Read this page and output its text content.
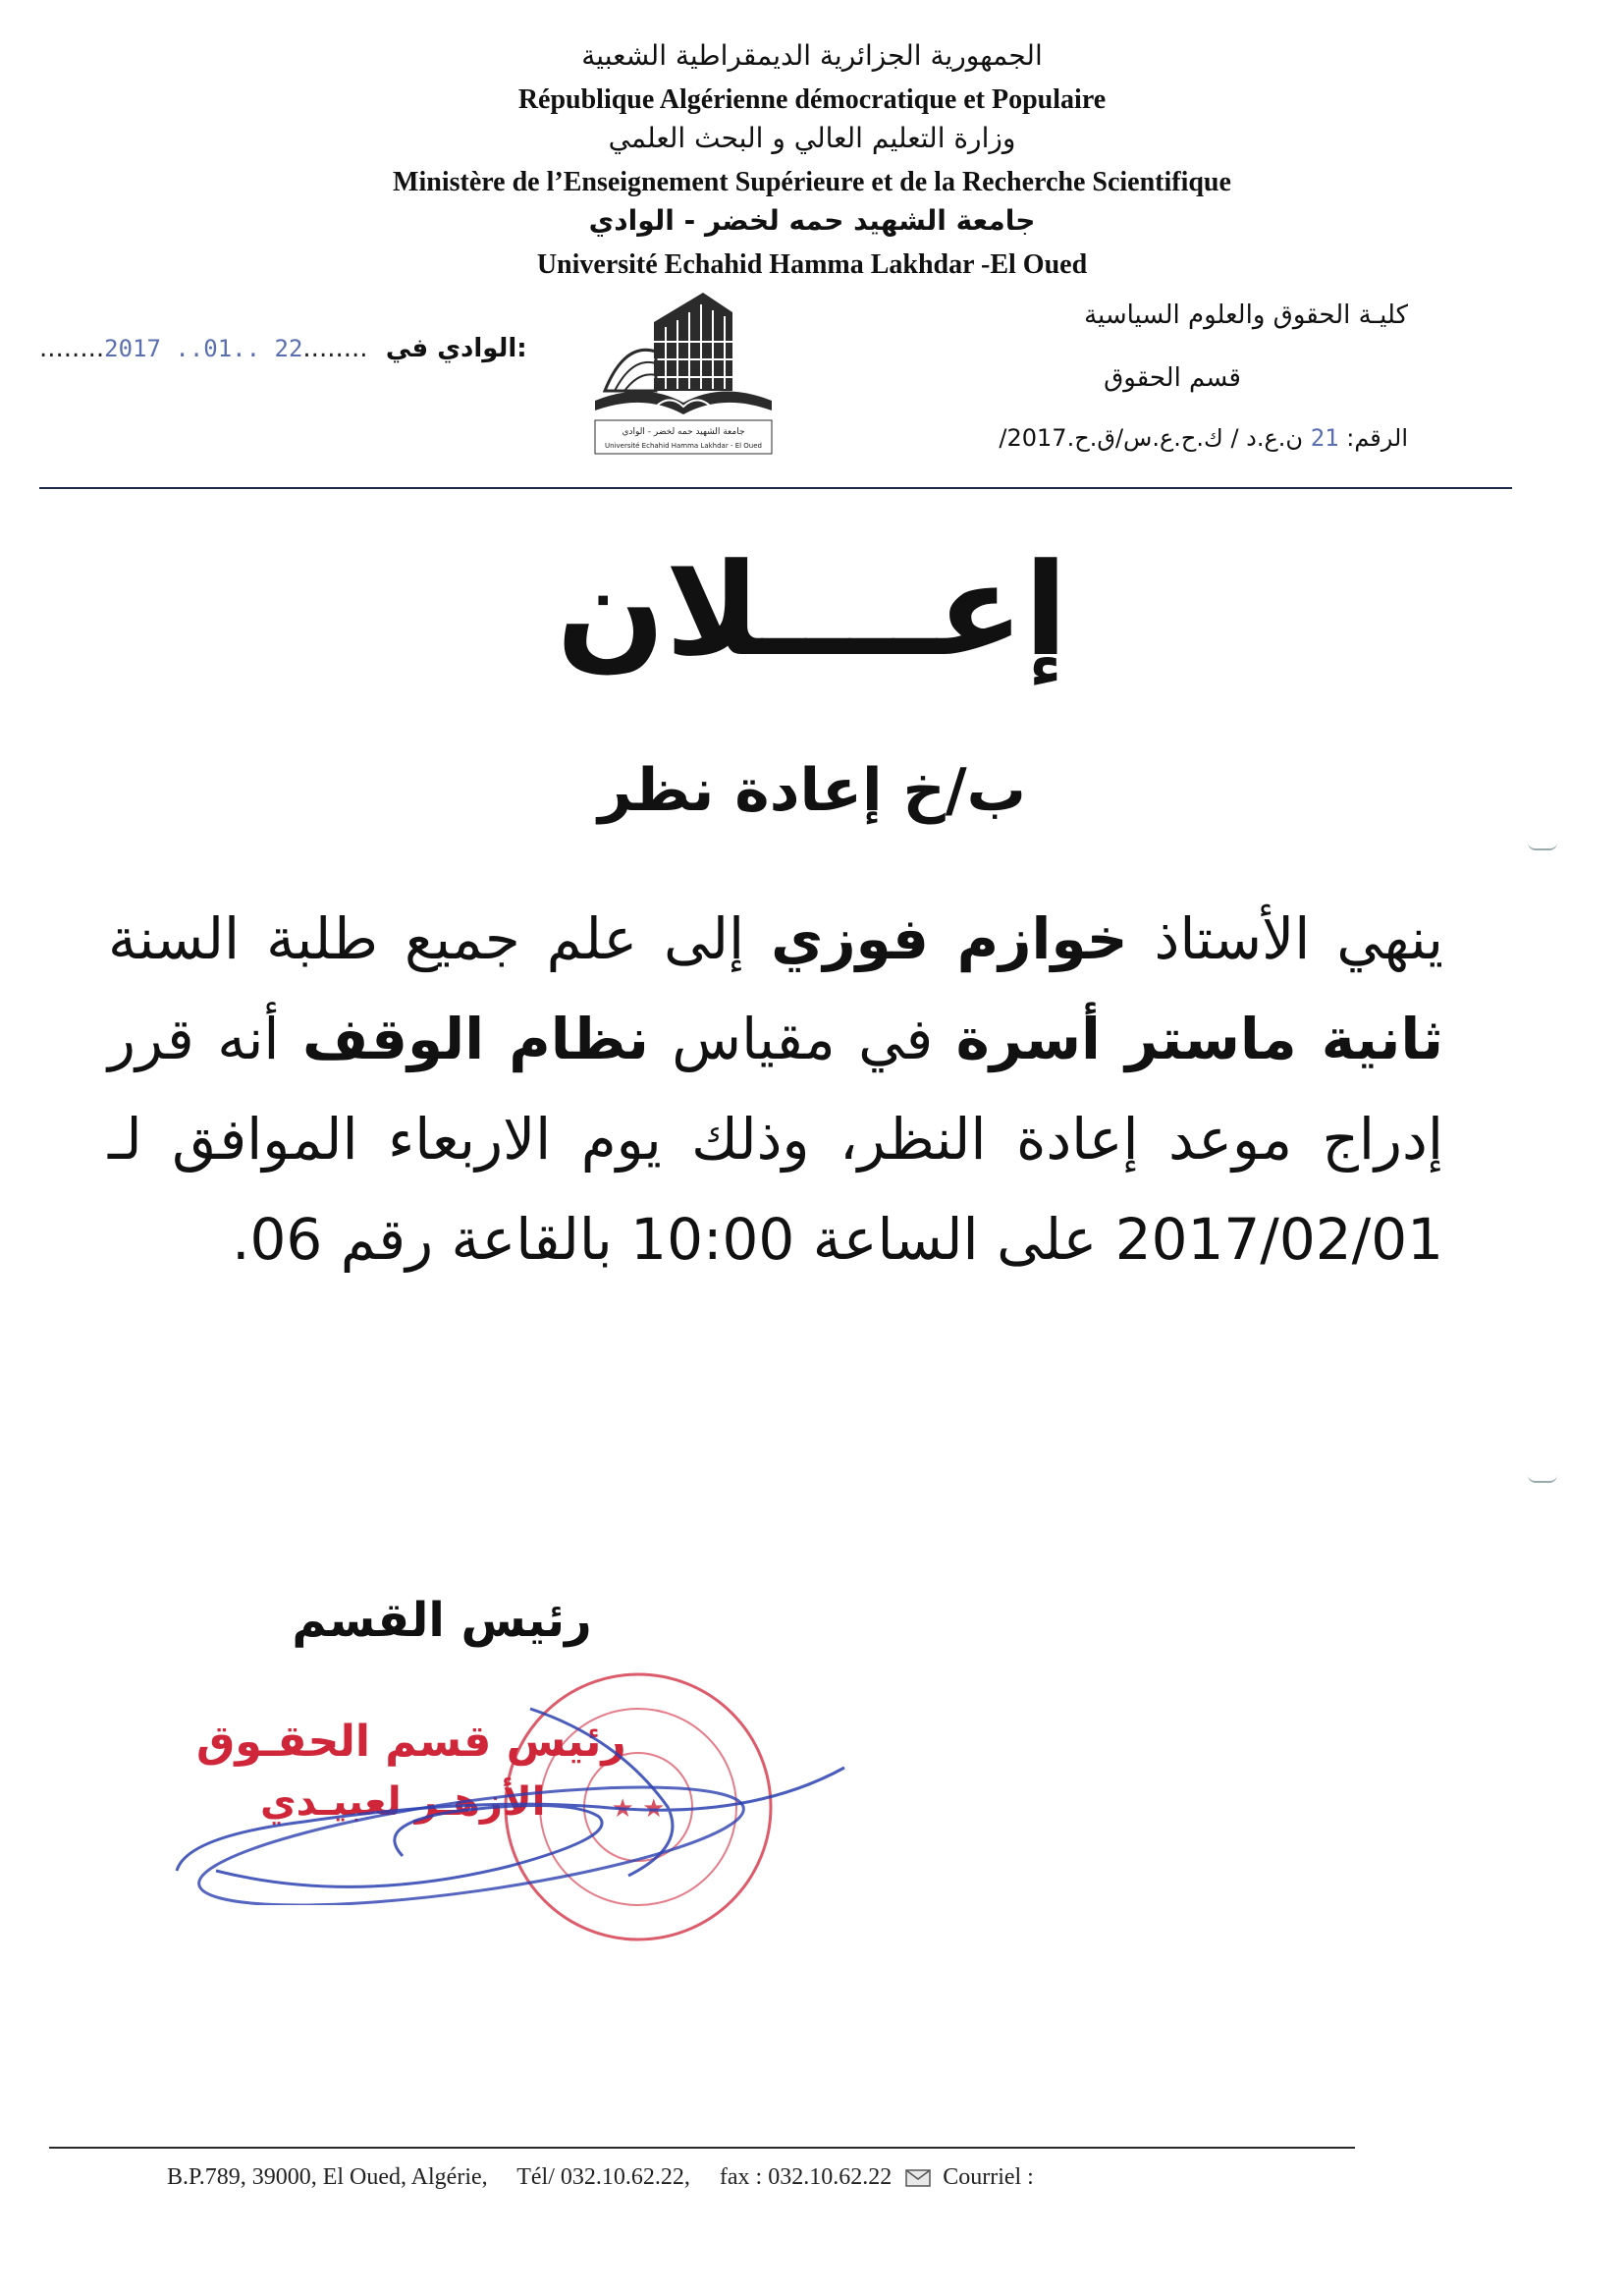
الجمهورية الجزائرية الديمقراطية الشعبية
République Algérienne démocratique et Populaire
وزارة التعليم العالي و البحث العلمي
Ministère de l’Enseignement Supérieure et de la Recherche Scientifique
جامعة الشهيد حمه لخضر - الوادي
Université Echahid Hamma Lakhdar -El Oued
كليـة الحقوق والعلوم السياسية
قسم الحقوق
الرقم: 21 ن.ع.د / ك.ح.ع.س/ق.ح.2017/
........2017 ..01.. 22........ الوادي في:
جامعة الشهيد حمه لخضر - الوادي
Université Echahid Hamma Lakhdar - El Oued
إعــــلان
ب/خ إعادة نظر
ينهي الأستاذ خوازم فوزي إلى علم جميع طلبة السنة ثانية ماستر أسرة في مقياس نظام الوقف أنه قرر إدراج موعد إعادة النظر، وذلك يوم الاربعاء الموافق لـ 2017/02/01 على الساعة 10:00 بالقاعة رقم 06.
رئيس القسم
★ ★
رئيس قسم الحقـوق
الأزهـر لعبيـدي
B.P.789, 39000, El Oued, Algérie, Tél/ 032.10.62.22, fax : 032.10.62.22 Courriel :
